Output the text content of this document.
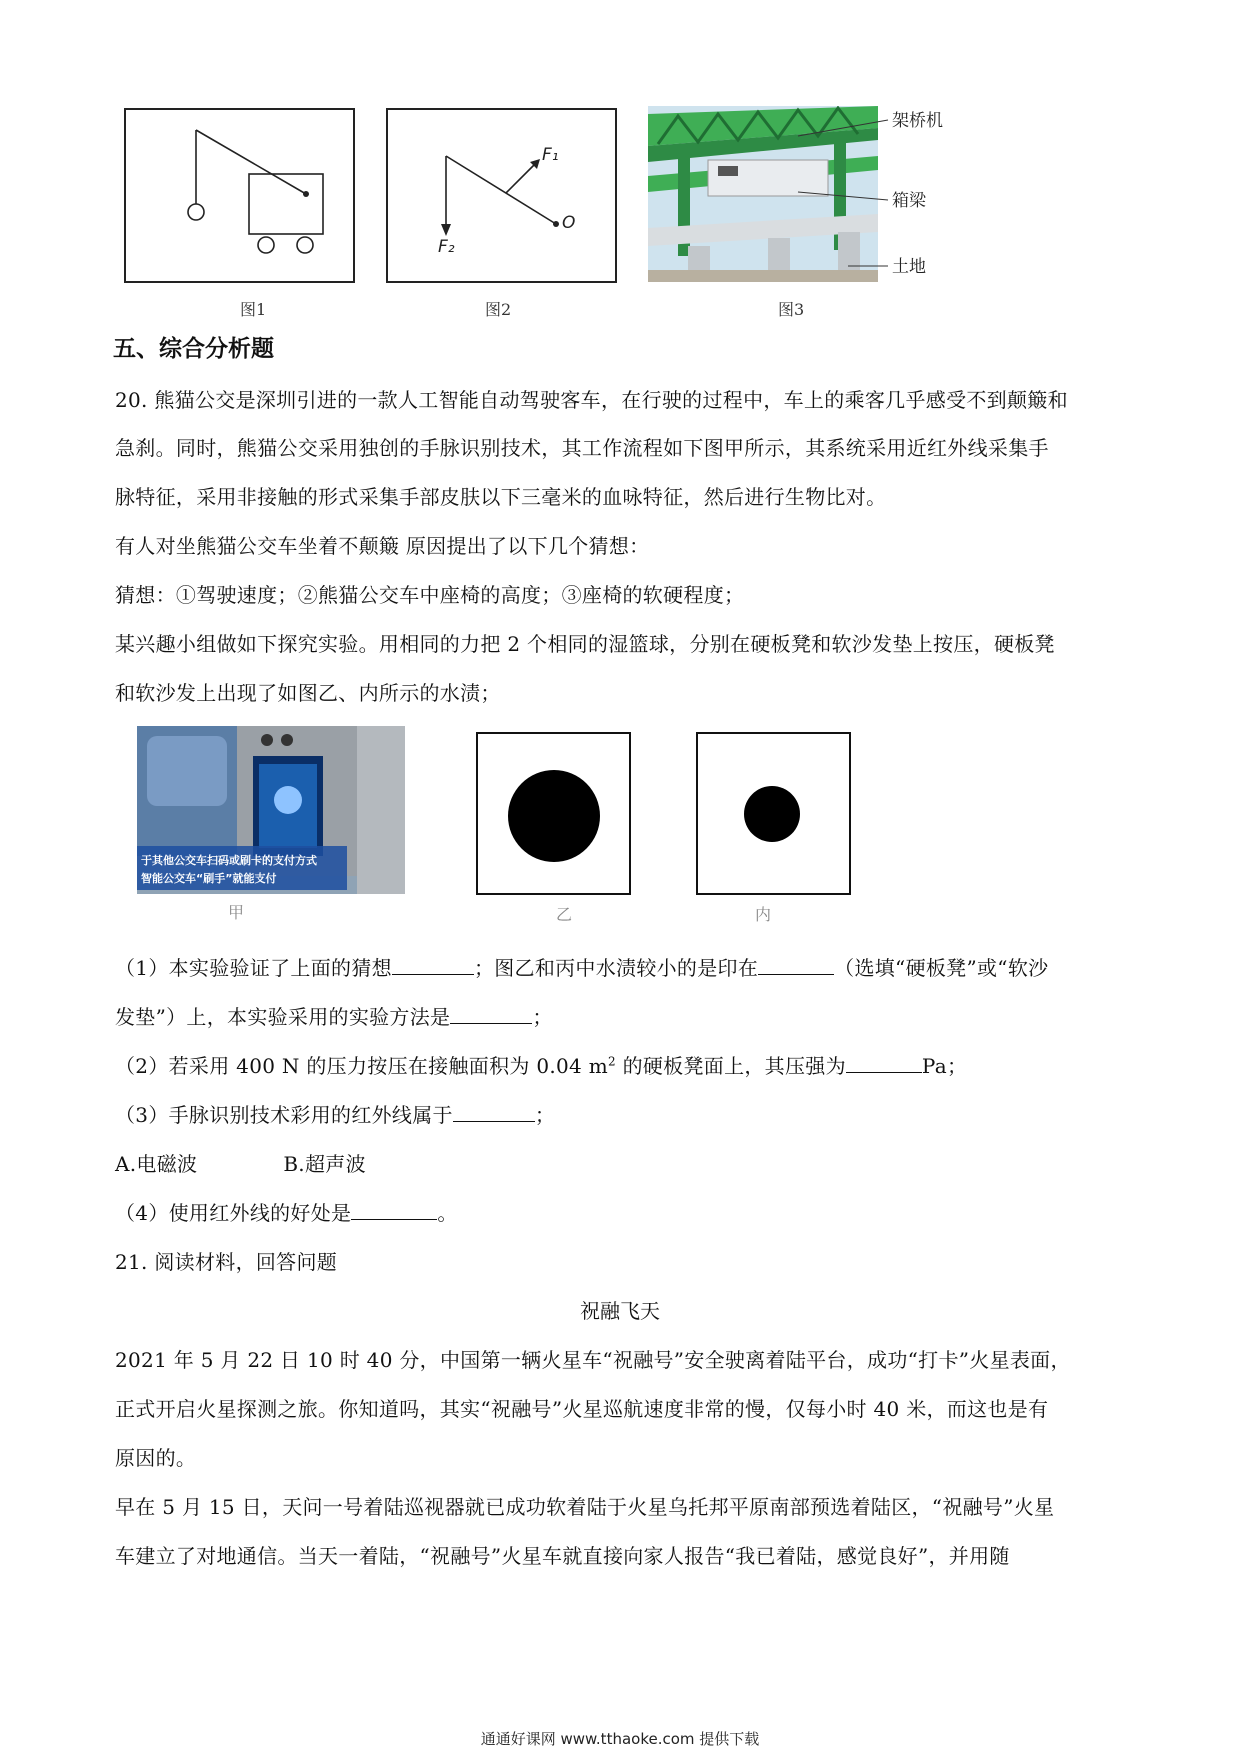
图1
F₁
F₂
O
图2
架桥机
箱梁
土地
图3
五、综合分析题
20. 熊猫公交是深圳引进的一款人工智能自动驾驶客车，在行驶的过程中，车上的乘客几乎感受不到颠簸和
急刹。同时，熊猫公交采用独创的手脉识别技术，其工作流程如下图甲所示，其系统采用近红外线采集手
脉特征，采用非接触的形式采集手部皮肤以下三毫米的血咏特征，然后进行生物比对。
有人对坐熊猫公交车坐着不颠簸 原因提出了以下几个猜想：
猜想：①驾驶速度；②熊猫公交车中座椅的高度；③座椅的软硬程度；
某兴趣小组做如下探究实验。用相同的力把 2 个相同的湿篮球，分别在硬板凳和软沙发垫上按压，硬板凳
和软沙发上出现了如图乙、内所示的水渍；
于其他公交车扫码或刷卡的支付方式
智能公交车“刷手”就能支付
甲	乙	内
（1）本实验验证了上面的猜想	；图乙和丙中水渍较小的是印在	（选填“硬板凳”或“软沙
发垫”）上，本实验采用的实验方法是	；
（2）若采用 400 N 的压力按压在接触面积为 0.04 $m^2$ 的硬板凳面上，其压强为	Pa；
（3）手脉识别技术彩用的红外线属于	；
A.电磁波	B.超声波
（4）使用红外线的好处是	。
21. 阅读材料，回答问题
祝融飞天
2021 年 5 月 22 日 10 时 40 分，中国第一辆火星车“祝融号”安全驶离着陆平台，成功“打卡”火星表面，
正式开启火星探测之旅。你知道吗，其实“祝融号”火星巡航速度非常的慢，仅每小时 40 米，而这也是有
原因的。
早在 5 月 15 日，天问一号着陆巡视器就已成功软着陆于火星乌托邦平原南部预选着陆区，“祝融号”火星
车建立了对地通信。当天一着陆，“祝融号”火星车就直接向家人报告“我已着陆，感觉良好”，并用随
通通好课网 www.tthaoke.com 提供下载
